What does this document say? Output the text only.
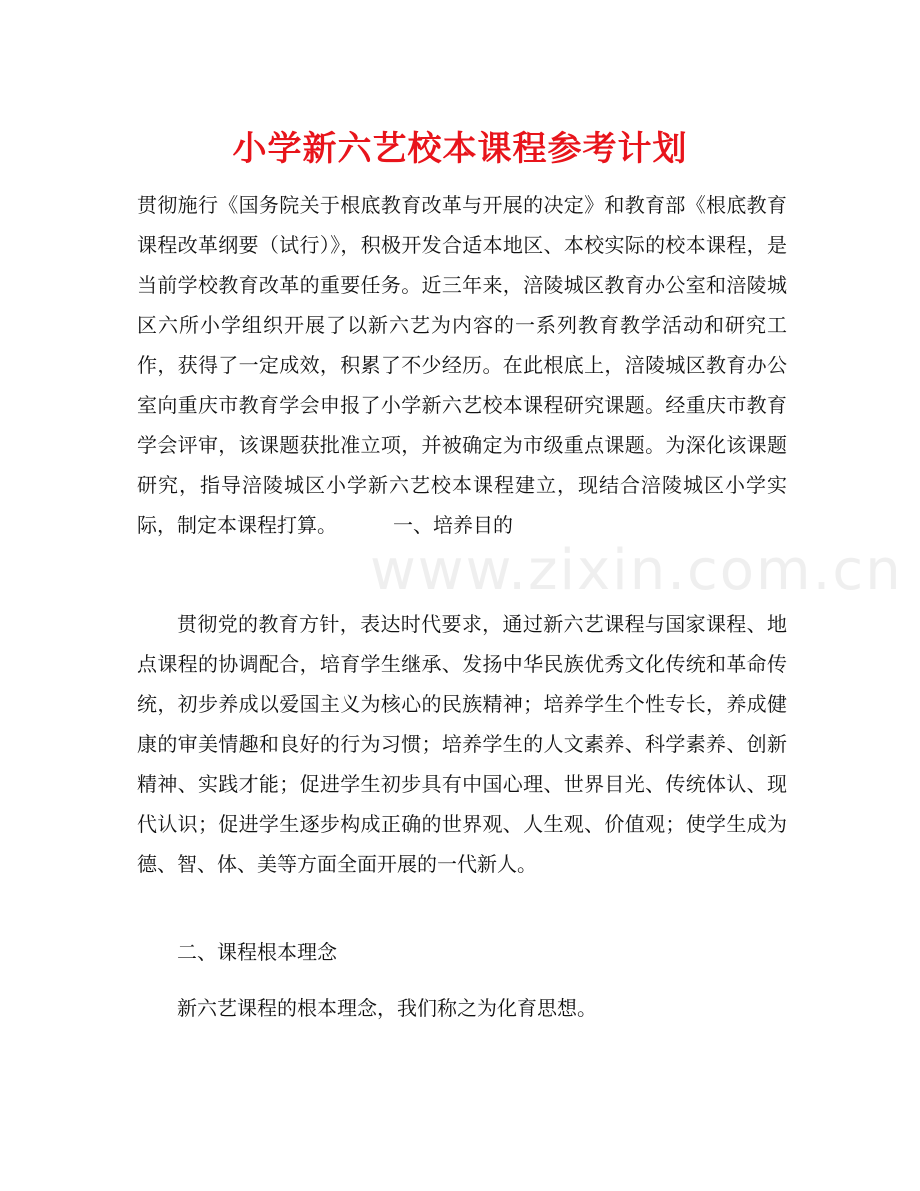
小学新六艺校本课程参考计划
贯彻施行《国务院关于根底教育改革与开展的决定》和教育部《根底教育课程改革纲要（试行）》，积极开发合适本地区、本校实际的校本课程，是当前学校教育改革的重要任务。近三年来，涪陵城区教育办公室和涪陵城区六所小学组织开展了以新六艺为内容的一系列教育教学活动和研究工作，获得了一定成效，积累了不少经历。在此根底上，涪陵城区教育办公室向重庆市教育学会申报了小学新六艺校本课程研究课题。经重庆市教育学会评审，该课题获批准立项，并被确定为市级重点课题。为深化该课题研究，指导涪陵城区小学新六艺校本课程建立，现结合涪陵城区小学实际，制定本课程打算。	一、培养目的
贯彻党的教育方针，表达时代要求，通过新六艺课程与国家课程、地点课程的协调配合，培育学生继承、发扬中华民族优秀文化传统和革命传统，初步养成以爱国主义为核心的民族精神；培养学生个性专长，养成健康的审美情趣和良好的行为习惯；培养学生的人文素养、科学素养、创新精神、实践才能；促进学生初步具有中国心理、世界目光、传统体认、现代认识；促进学生逐步构成正确的世界观、人生观、价值观；使学生成为德、智、体、美等方面全面开展的一代新人。
二、课程根本理念
新六艺课程的根本理念，我们称之为化育思想。
www.zixin.com.cn
